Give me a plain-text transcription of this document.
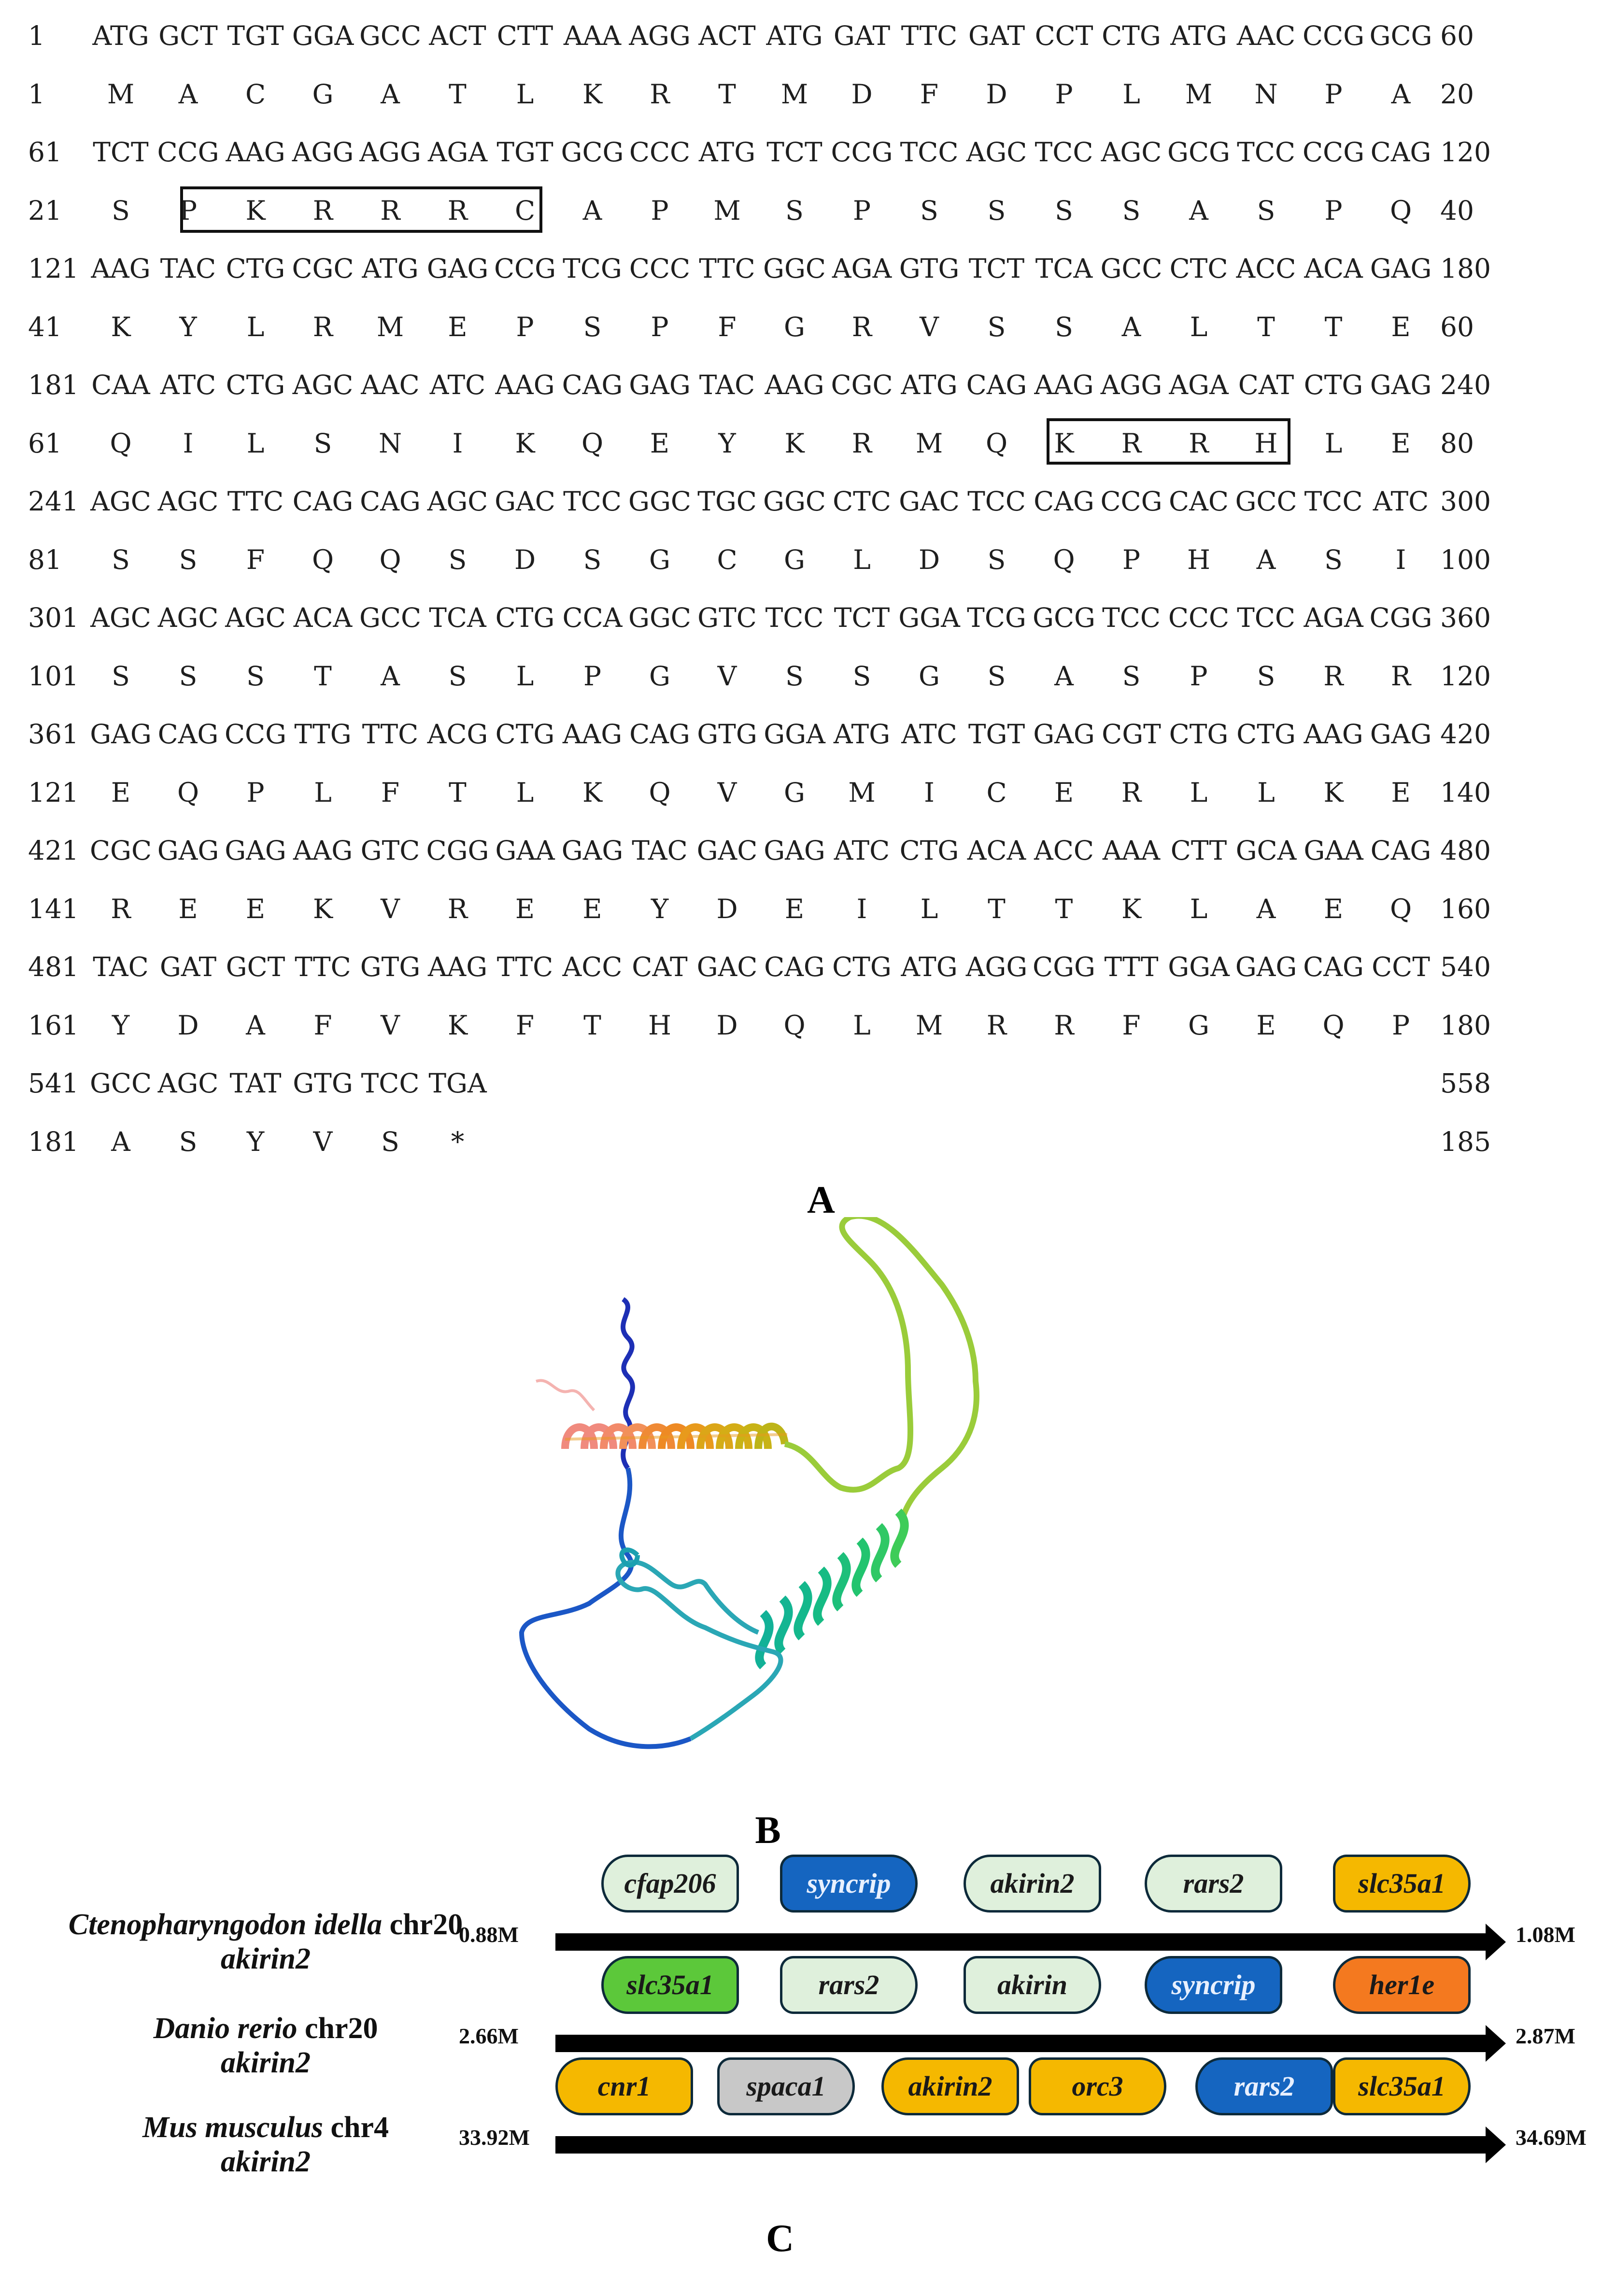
1 ATG GCT TGT GGA GCC ACT CTT AAA AGG ACT ATG GAT TTC GAT CCT CTG ATG AAC CCG GCG 60
1 M A C G A T L K R T M D F D P L M N P A 20
61 TCT CCG AAG AGG AGG AGA TGT GCG CCC ATG TCT CCG TCC AGC TCC AGC GCG TCC CCG CAG 120
21 S P K R R R C A P M S P S S S S A S P Q 40
121 AAG TAC CTG CGC ATG GAG CCG TCG CCC TTC GGC AGA GTG TCT TCA GCC CTC ACC ACA GAG 180
41 K Y L R M E P S P F G R V S S A L T T E 60
181 CAA ATC CTG AGC AAC ATC AAG CAG GAG TAC AAG CGC ATG CAG AAG AGG AGA CAT CTG GAG 240
61 Q I L S N I K Q E Y K R M Q K R R H L E 80
241 AGC AGC TTC CAG CAG AGC GAC TCC GGC TGC GGC CTC GAC TCC CAG CCG CAC GCC TCC ATC 300
81 S S F Q Q S D S G C G L D S Q P H A S I 100
301 AGC AGC AGC ACA GCC TCA CTG CCA GGC GTC TCC TCT GGA TCG GCG TCC CCC TCC AGA CGG 360
101 S S S T A S L P G V S S G S A S P S R R 120
361 GAG CAG CCG TTG TTC ACG CTG AAG CAG GTG GGA ATG ATC TGT GAG CGT CTG CTG AAG GAG 420
121 E Q P L F T L K Q V G M I C E R L L K E 140
421 CGC GAG GAG AAG GTC CGG GAA GAG TAC GAC GAG ATC CTG ACA ACC AAA CTT GCA GAA CAG 480
141 R E E K V R E E Y D E I L T T K L A E Q 160
481 TAC GAT GCT TTC GTG AAG TTC ACC CAT GAC CAG CTG ATG AGG CGG TTT GGA GAG CAG CCT 540
161 Y D A F V K F T H D Q L M R R F G E Q P 180
541 GCC AGC TAT GTG TCC TGA	558
181 A S Y V S *	185
A
B
Ctenopharyngodon idella chr20
akirin2
0.88M	1.08M
cfap206	syncrip	akirin2	rars2	slc35a1
Danio rerio chr20
akirin2
2.66M	2.87M
slc35a1	rars2	akirin	syncrip	her1e
Mus musculus chr4
akirin2
33.92M	34.69M
cnr1	spaca1	akirin2	orc3	rars2	slc35a1
C
